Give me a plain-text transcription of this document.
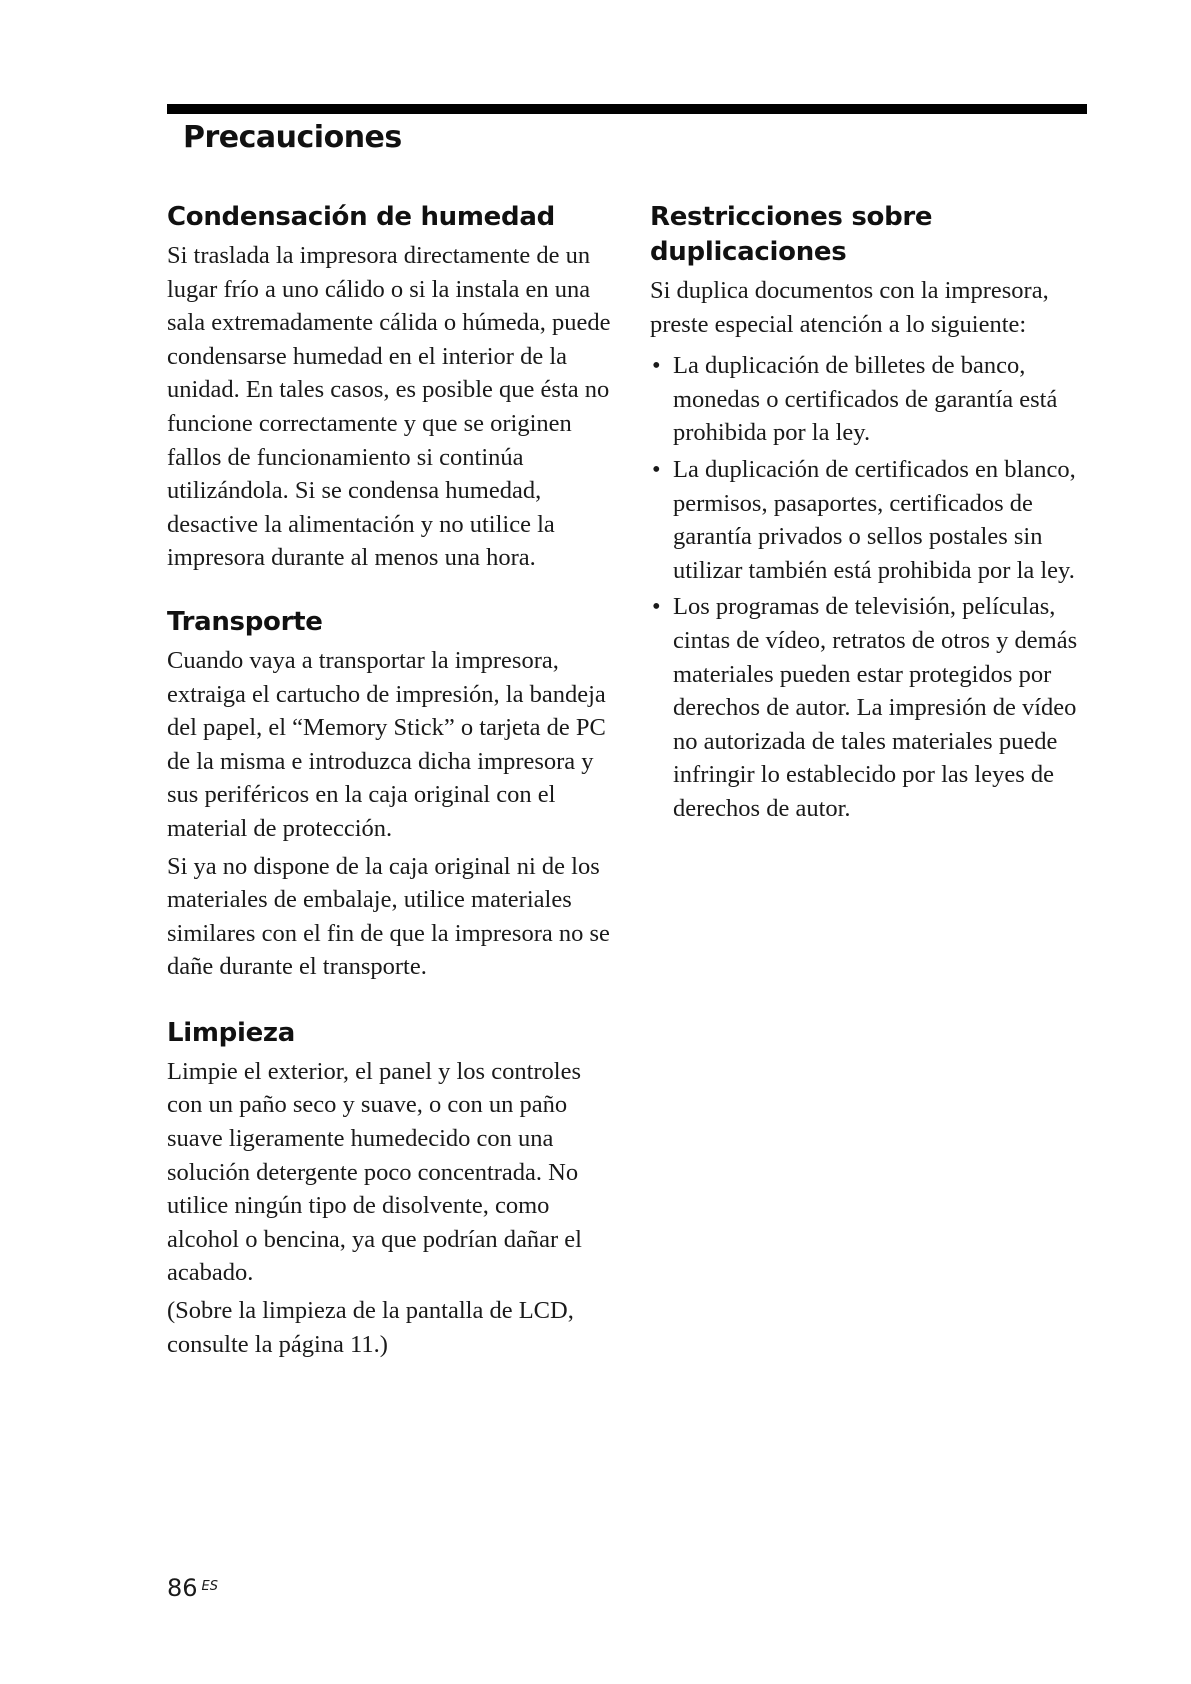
Precauciones
Condensación de humedad

Si traslada la impresora directamente de un lugar frío a uno cálido o si la instala en una sala extremadamente cálida o húmeda, puede condensarse humedad en el interior de la unidad. En tales casos, es posible que ésta no funcione correctamente y que se originen fallos de funcionamiento si continúa utilizándola. Si se condensa humedad, desactive la alimentación y no utilice la impresora durante al menos una hora.

Transporte

Cuando vaya a transportar la impresora, extraiga el cartucho de impresión, la bandeja del papel, el “Memory Stick” o tarjeta de PC de la misma e introduzca dicha impresora y sus periféricos en la caja original con el material de protección.

Si ya no dispone de la caja original ni de los materiales de embalaje, utilice materiales similares con el fin de que la impresora no se dañe durante el transporte.

Limpieza

Limpie el exterior, el panel y los controles con un paño seco y suave, o con un paño suave ligeramente humedecido con una solución detergente poco concentrada. No utilice ningún tipo de disolvente, como alcohol o bencina, ya que podrían dañar el acabado.

(Sobre la limpieza de la pantalla de LCD, consulte la página 11.)

Restricciones sobre
duplicaciones

Si duplica documentos con la impresora, preste especial atención a lo siguiente:

• La duplicación de billetes de banco, monedas o certificados de garantía está prohibida por la ley.
• La duplicación de certificados en blanco, permisos, pasaportes, certificados de garantía privados o sellos postales sin utilizar también está prohibida por la ley.
• Los programas de televisión, películas, cintas de vídeo, retratos de otros y demás materiales pueden estar protegidos por derechos de autor. La impresión de vídeo no autorizada de tales materiales puede infringir lo establecido por las leyes de derechos de autor.
86 $^{ES}$
